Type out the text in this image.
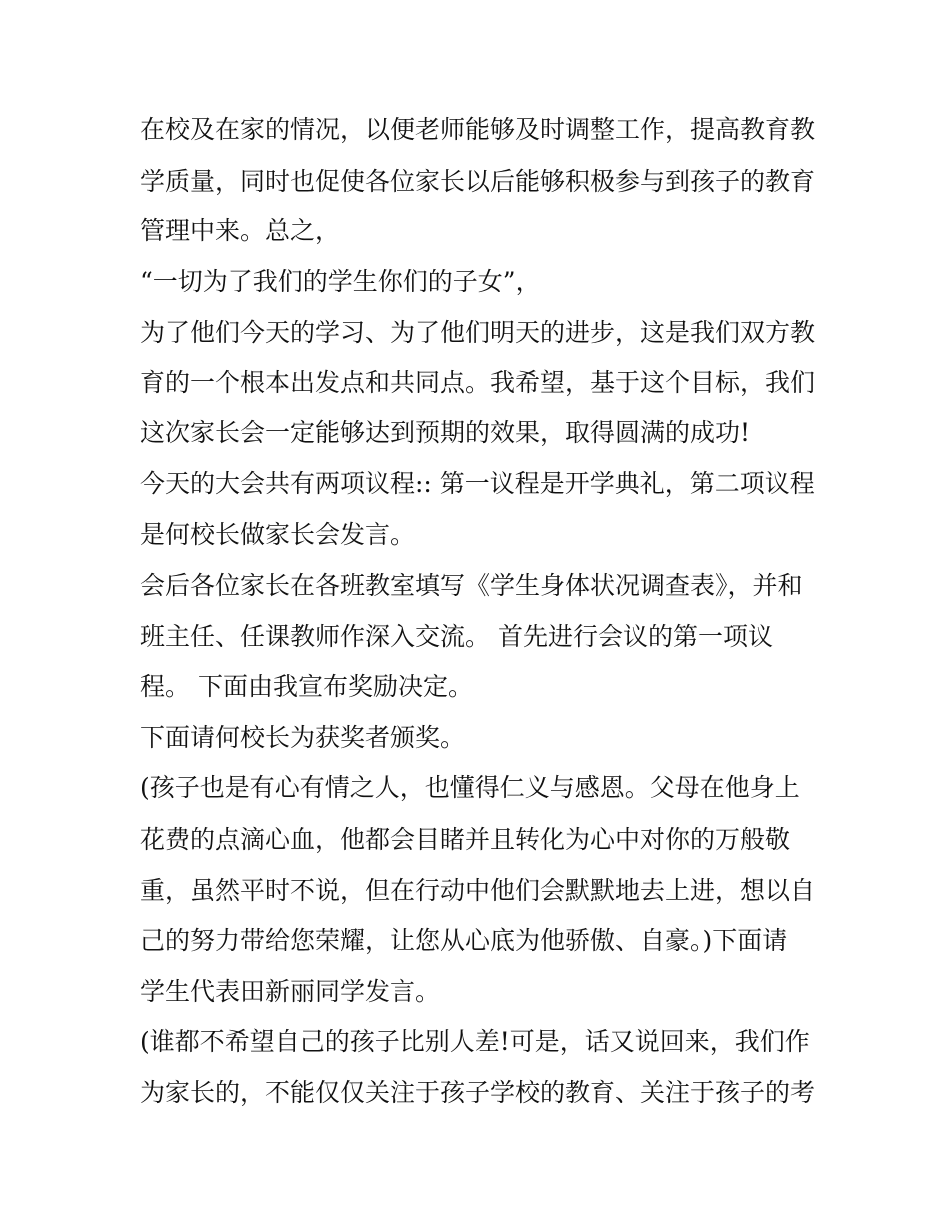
在校及在家的情况，以便老师能够及时调整工作，提高教育教
学质量，同时也促使各位家长以后能够积极参与到孩子的教育
管理中来。总之，
“一切为了我们的学生你们的子女”，
为了他们今天的学习、为了他们明天的进步，这是我们双方教
育的一个根本出发点和共同点。我希望，基于这个目标，我们
这次家长会一定能够达到预期的效果，取得圆满的成功!
今天的大会共有两项议程:: 第一议程是开学典礼，第二项议程
是何校长做家长会发言。
会后各位家长在各班教室填写《学生身体状况调查表》，并和
班主任、任课教师作深入交流。 首先进行会议的第一项议
程。 下面由我宣布奖励决定。
下面请何校长为获奖者颁奖。
(孩子也是有心有情之人，也懂得仁义与感恩。父母在他身上
花费的点滴心血，他都会目睹并且转化为心中对你的万般敬
重，虽然平时不说，但在行动中他们会默默地去上进，想以自
己的努力带给您荣耀，让您从心底为他骄傲、自豪。)下面请
学生代表田新丽同学发言。
(谁都不希望自己的孩子比别人差!可是，话又说回来，我们作
为家长的，不能仅仅关注于孩子学校的教育、关注于孩子的考
